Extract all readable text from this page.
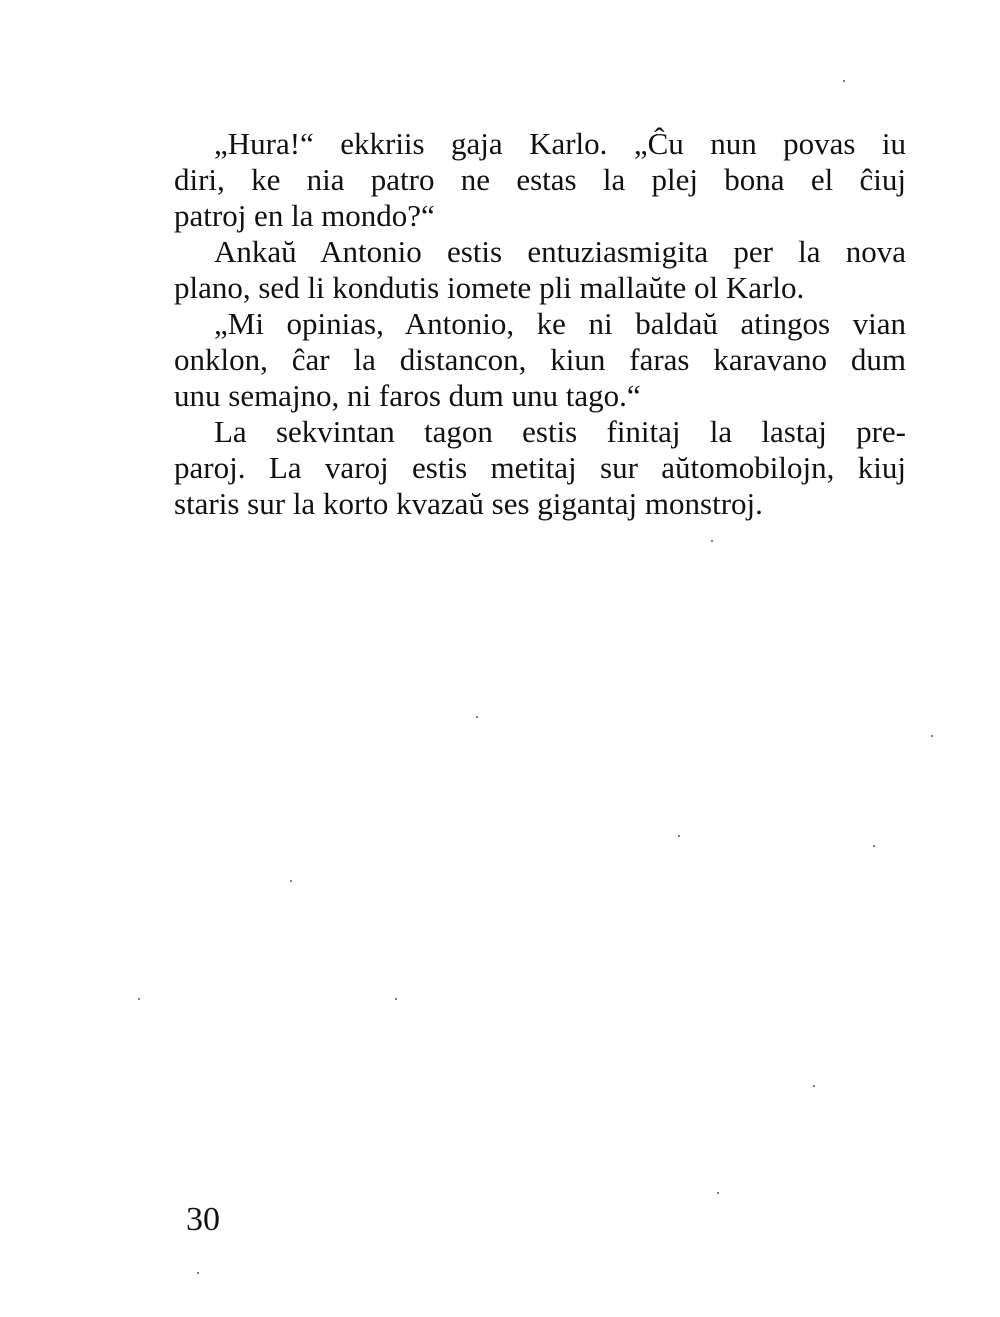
„Hura!“ ekkriis gaja Karlo. „Ĉu nun povas iu
diri, ke nia patro ne estas la plej bona el ĉiuj
patroj en la mondo?“
Ankaŭ Antonio estis entuziasmigita per la nova
plano, sed li kondutis iomete pli mallaŭte ol Karlo.
„Mi opinias, Antonio, ke ni baldaŭ atingos vian
onklon, ĉar la distancon, kiun faras karavano dum
unu semajno, ni faros dum unu tago.“
La sekvintan tagon estis finitaj la lastaj pre-
paroj. La varoj estis metitaj sur aŭtomobilojn, kiuj
staris sur la korto kvazaŭ ses gigantaj monstroj.
30
